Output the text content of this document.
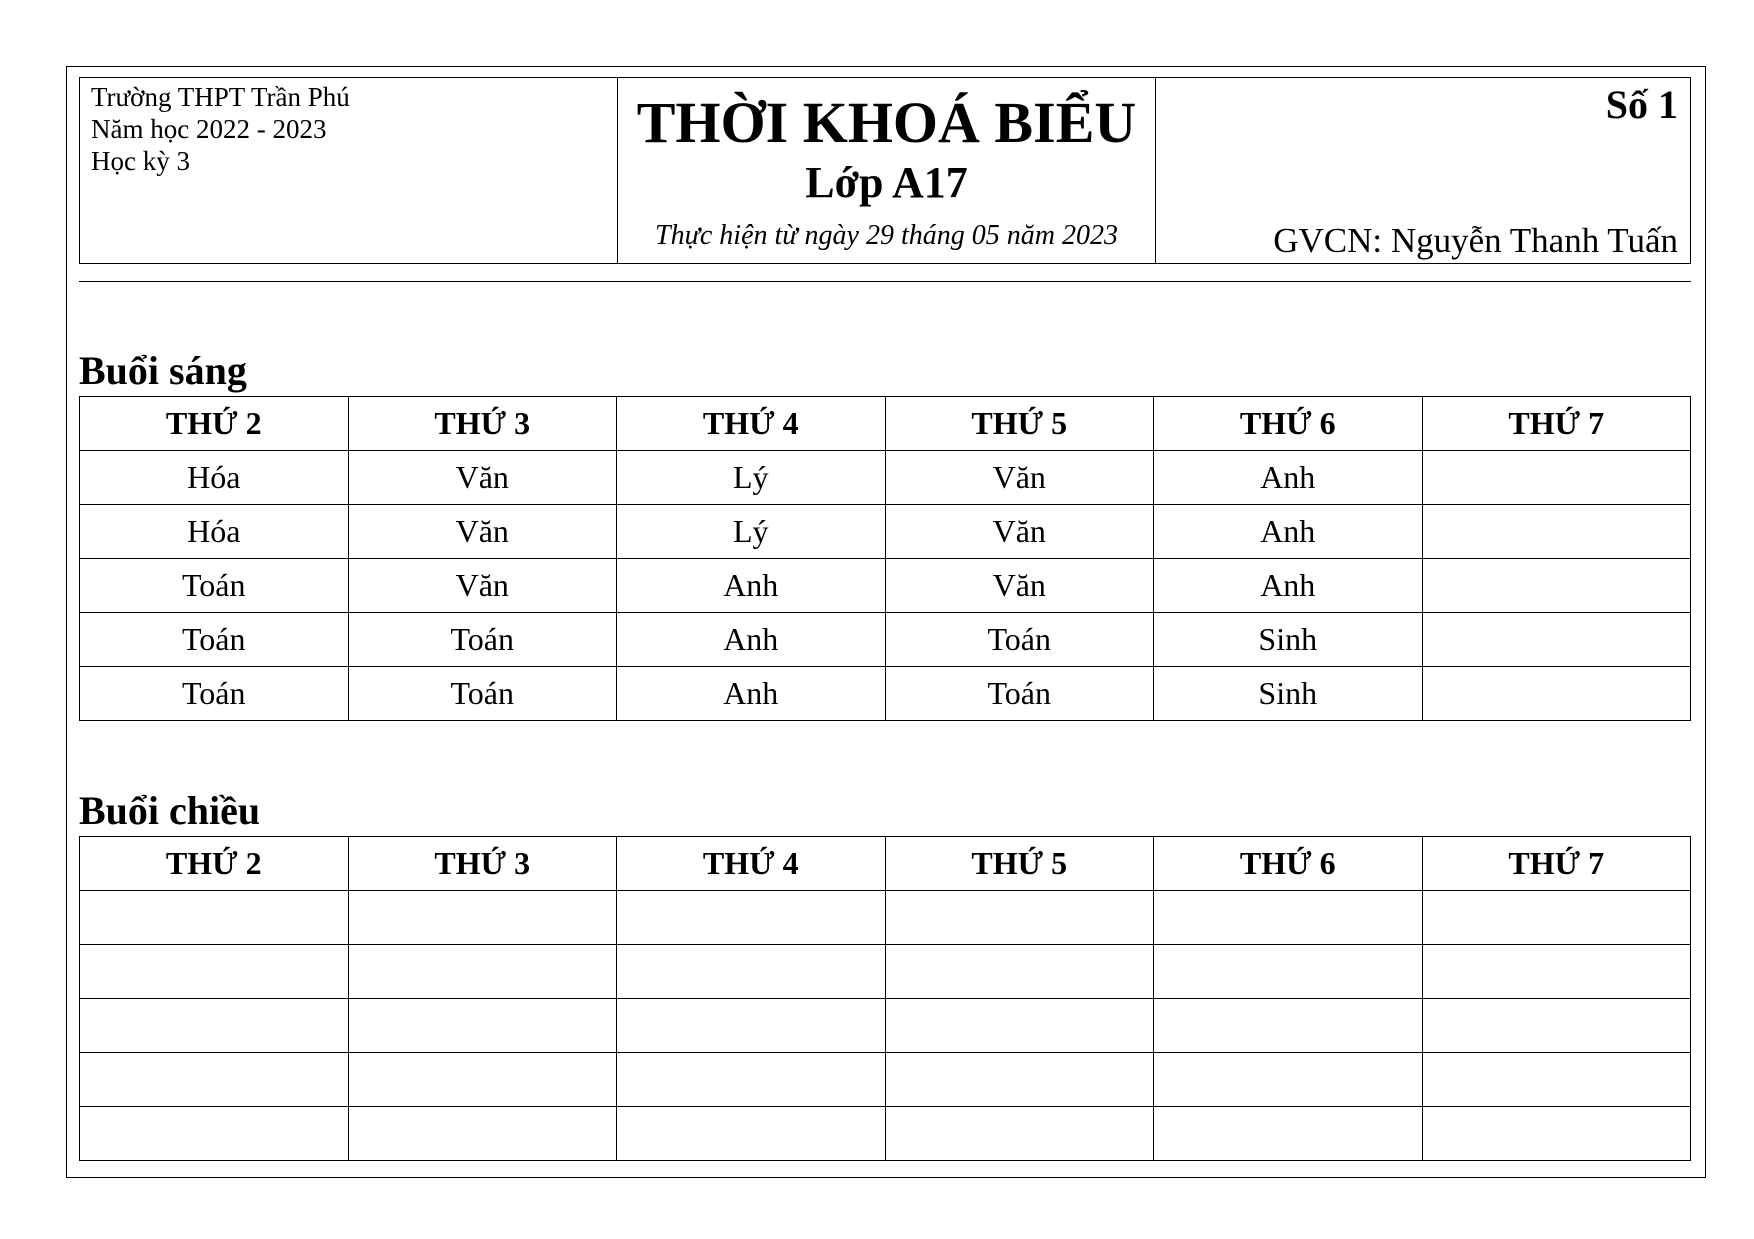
Trường THPT Trần Phú
Năm học 2022 - 2023
Học kỳ 3
THỜI KHOÁ BIỂU
Lớp A17
Thực hiện từ ngày 29 tháng 05 năm 2023
Số 1
GVCN: Nguyễn Thanh Tuấn
Buổi sáng
THỨ 2	THỨ 3	THỨ 4	THỨ 5	THỨ 6	THỨ 7
Hóa	Văn	Lý	Văn	Anh	
Hóa	Văn	Lý	Văn	Anh	
Toán	Văn	Anh	Văn	Anh	
Toán	Toán	Anh	Toán	Sinh	
Toán	Toán	Anh	Toán	Sinh	
Buổi chiều
THỨ 2	THỨ 3	THỨ 4	THỨ 5	THỨ 6	THỨ 7
